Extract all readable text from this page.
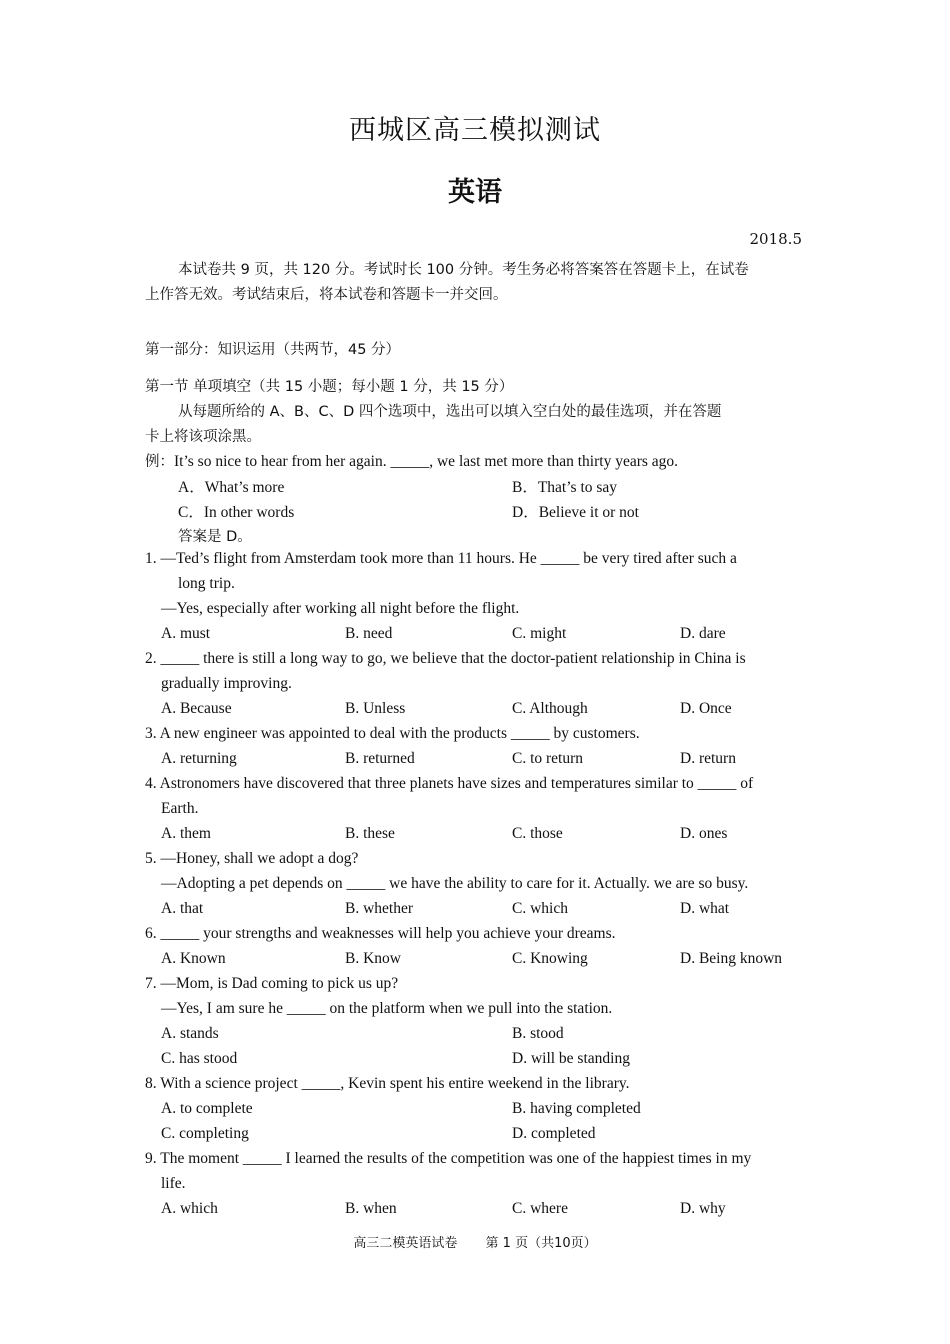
西城区高三模拟测试
英语
2018.5
本试卷共 9 页，共 120 分。考试时长 100 分钟。考生务必将答案答在答题卡上，在试卷
上作答无效。考试结束后，将本试卷和答题卡一并交回。
第一部分：知识运用（共两节，45 分）
第一节 单项填空（共 15 小题；每小题 1 分，共 15 分）
从每题所给的 A、B、C、D 四个选项中，选出可以填入空白处的最佳选项，并在答题
卡上将该项涂黑。
例：It’s so nice to hear from her again. _____, we last met more than thirty years ago.
A．What’s more	B．That’s to say
C．In other words	D．Believe it or not
答案是 D。
1. —Ted’s flight from Amsterdam took more than 11 hours. He _____ be very tired after such a
long trip.
—Yes, especially after working all night before the flight.
A. must	B. need	C. might	D. dare
2. _____ there is still a long way to go, we believe that the doctor-patient relationship in China is
gradually improving.
A. Because	B. Unless	C. Although	D. Once
3. A new engineer was appointed to deal with the products _____ by customers.
A. returning	B. returned	C. to return	D. return
4. Astronomers have discovered that three planets have sizes and temperatures similar to _____ of
Earth.
A. them	B. these	C. those	D. ones
5. —Honey, shall we adopt a dog?
—Adopting a pet depends on _____ we have the ability to care for it. Actually. we are so busy.
A. that	B. whether	C. which	D. what
6. _____ your strengths and weaknesses will help you achieve your dreams.
A. Known	B. Know	C. Knowing	D. Being known
7. —Mom, is Dad coming to pick us up?
—Yes, I am sure he _____ on the platform when we pull into the station.
A. stands	B. stood
C. has stood	D. will be standing
8. With a science project _____, Kevin spent his entire weekend in the library.
A. to complete	B. having completed
C. completing	D. completed
9. The moment _____ I learned the results of the competition was one of the happiest times in my
life.
A. which	B. when	C. where	D. why
高三二模英语试卷 第 1 页（共10页）
